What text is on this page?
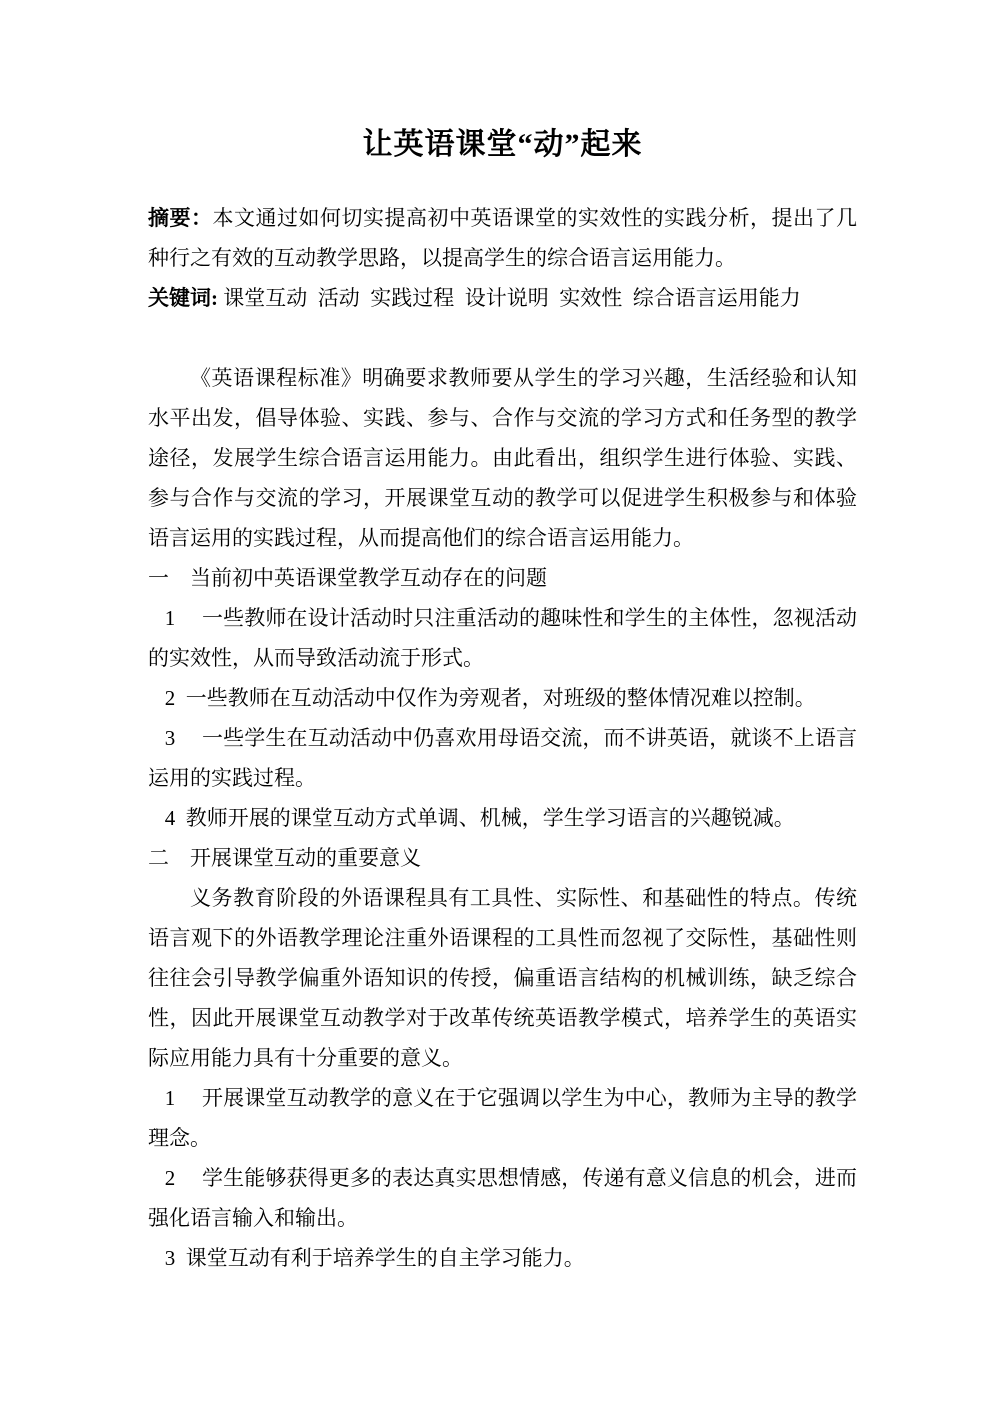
让英语课堂“动”起来

摘要：本文通过如何切实提高初中英语课堂的实效性的实践分析，提出了几种行之有效的互动教学思路，以提高学生的综合语言运用能力。

关键词: 课堂互动  活动  实践过程  设计说明  实效性  综合语言运用能力

《英语课程标准》明确要求教师要从学生的学习兴趣，生活经验和认知水平出发，倡导体验、实践、参与、合作与交流的学习方式和任务型的教学途径，发展学生综合语言运用能力。由此看出，组织学生进行体验、实践、参与合作与交流的学习，开展课堂互动的教学可以促进学生积极参与和体验语言运用的实践过程，从而提高他们的综合语言运用能力。

一　当前初中英语课堂教学互动存在的问题

1　 一些教师在设计活动时只注重活动的趣味性和学生的主体性，忽视活动的实效性，从而导致活动流于形式。

2  一些教师在互动活动中仅作为旁观者，对班级的整体情况难以控制。

3　 一些学生在互动活动中仍喜欢用母语交流，而不讲英语，就谈不上语言运用的实践过程。

4  教师开展的课堂互动方式单调、机械，学生学习语言的兴趣锐减。

二　开展课堂互动的重要意义

义务教育阶段的外语课程具有工具性、实际性、和基础性的特点。传统语言观下的外语教学理论注重外语课程的工具性而忽视了交际性，基础性则往往会引导教学偏重外语知识的传授，偏重语言结构的机械训练，缺乏综合性，因此开展课堂互动教学对于改革传统英语教学模式，培养学生的英语实际应用能力具有十分重要的意义。

1　 开展课堂互动教学的意义在于它强调以学生为中心，教师为主导的教学理念。

2　 学生能够获得更多的表达真实思想情感，传递有意义信息的机会，进而强化语言输入和输出。

3  课堂互动有利于培养学生的自主学习能力。
